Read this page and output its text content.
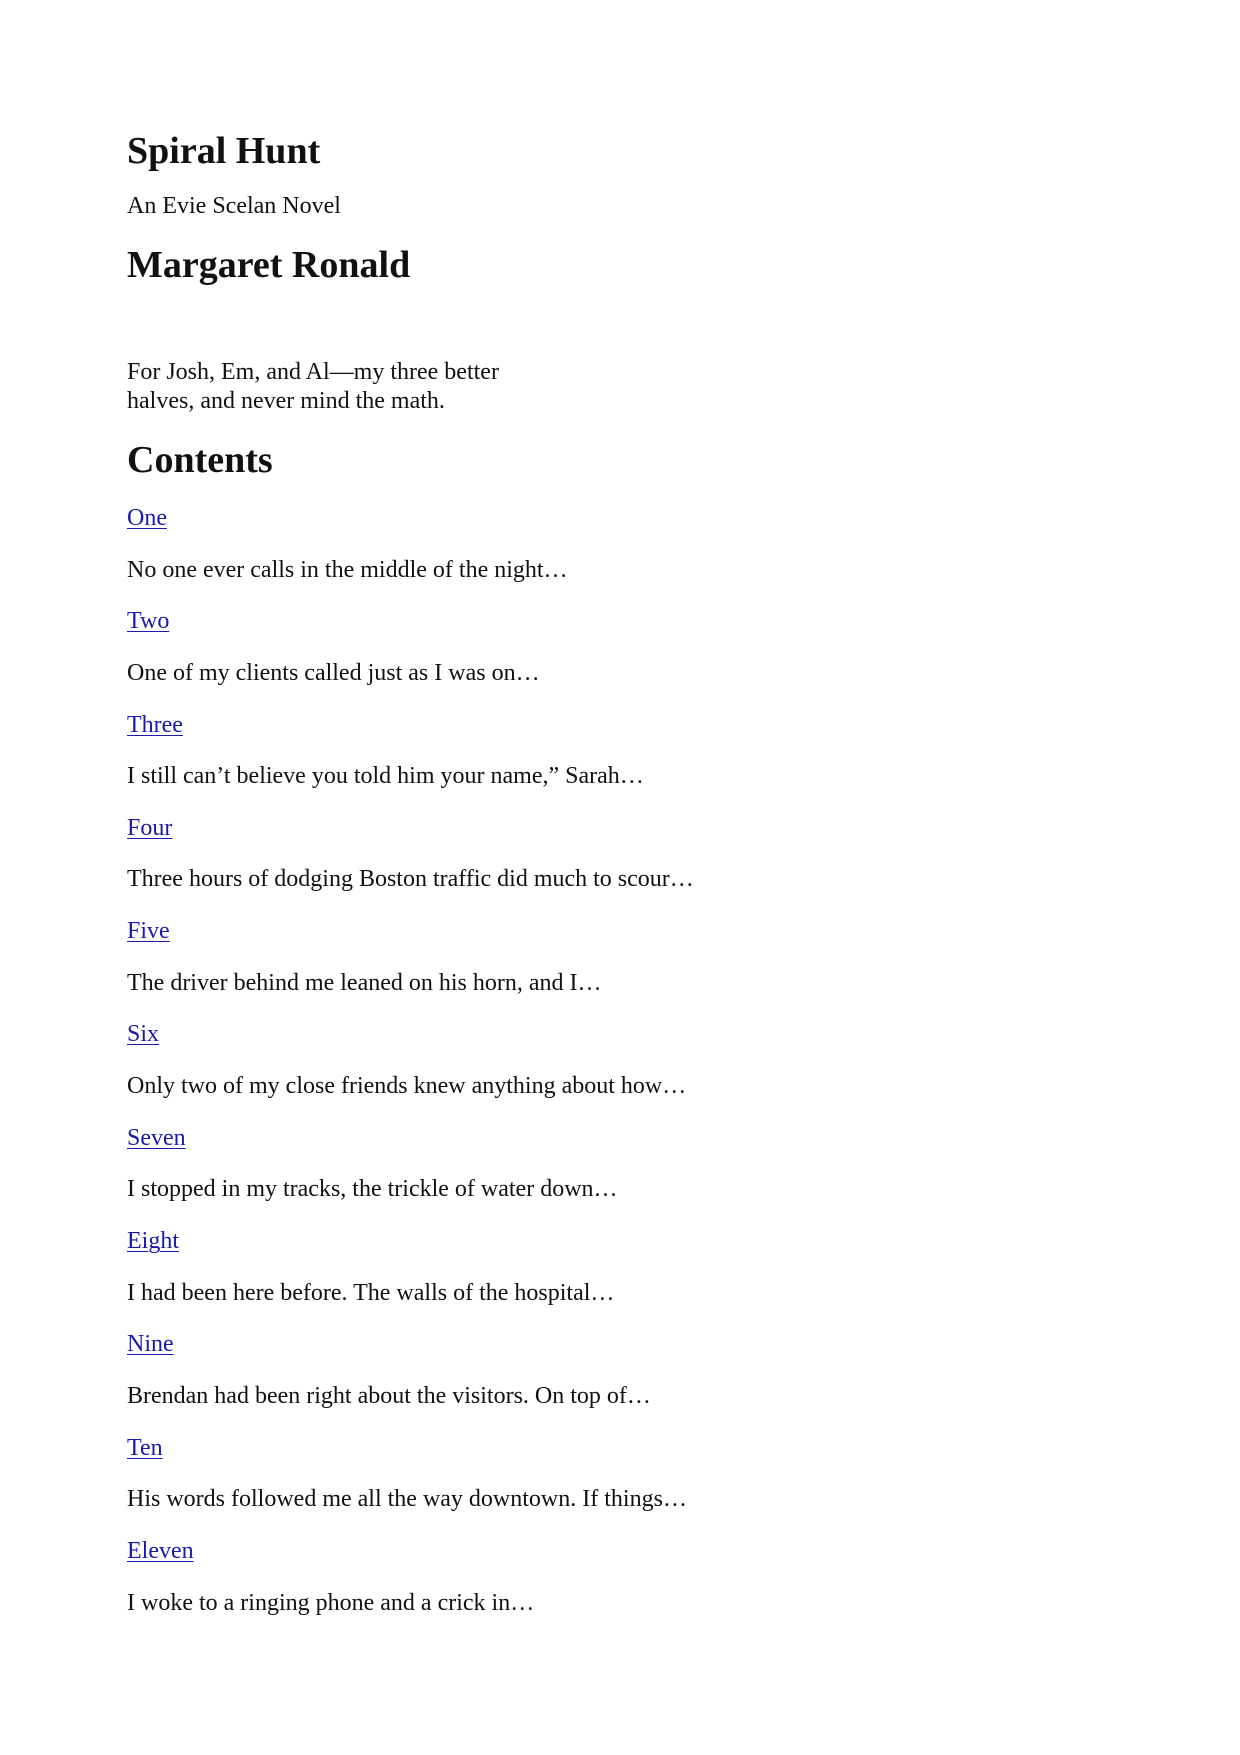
Spiral Hunt

An Evie Scelan Novel

Margaret Ronald

For Josh, Em, and Al—my three better
halves, and never mind the math.

Contents
One
No one ever calls in the middle of the night…
Two
One of my clients called just as I was on…
Three
I still can’t believe you told him your name,” Sarah…
Four
Three hours of dodging Boston traffic did much to scour…
Five
The driver behind me leaned on his horn, and I…
Six
Only two of my close friends knew anything about how…
Seven
I stopped in my tracks, the trickle of water down…
Eight
I had been here before. The walls of the hospital…
Nine
Brendan had been right about the visitors. On top of…
Ten
His words followed me all the way downtown. If things…
Eleven
I woke to a ringing phone and a crick in…
